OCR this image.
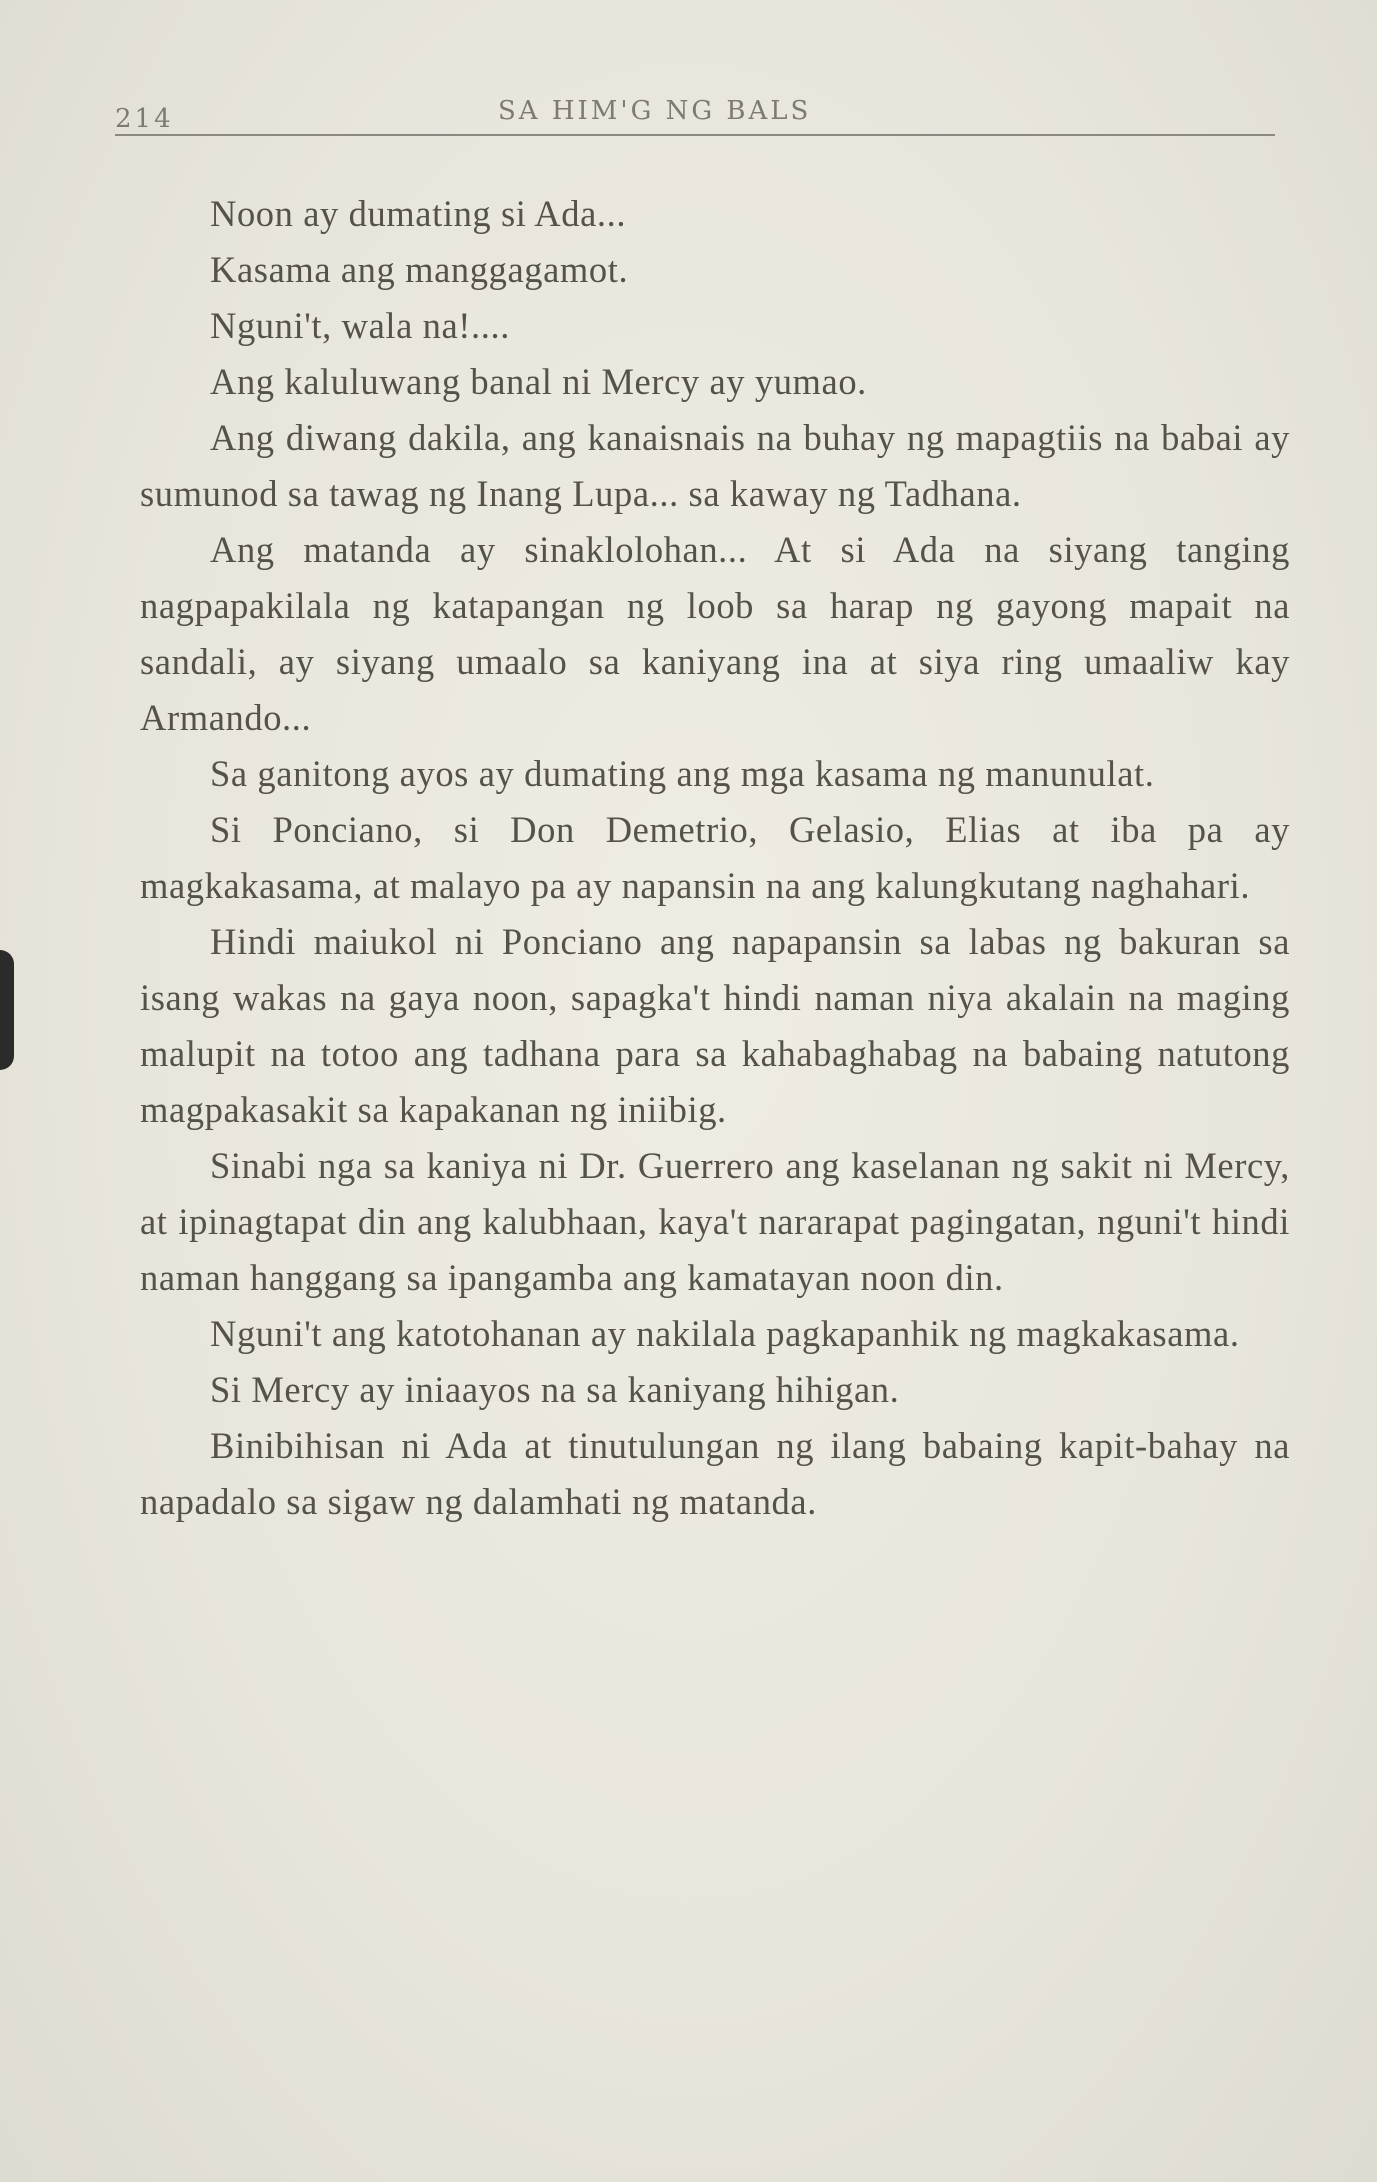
214	SA HIM'G NG BALS

Noon ay dumating si Ada...

Kasama ang manggagamot.

Nguni't, wala na!....

Ang kaluluwang banal ni Mercy ay yumao.

Ang diwang dakila, ang kanaisnais na buhay ng mapagtiis na babai ay sumunod sa tawag ng Inang Lupa... sa kaway ng Tadhana.

Ang matanda ay sinaklolohan... At si Ada na siyang tanging nagpapakilala ng katapangan ng loob sa harap ng gayong mapait na sandali, ay siyang umaalo sa kaniyang ina at siya ring umaaliw kay Armando...

Sa ganitong ayos ay dumating ang mga kasama ng manunulat.

Si Ponciano, si Don Demetrio, Gelasio, Elias at iba pa ay magkakasama, at malayo pa ay napansin na ang kalungkutang naghahari.

Hindi maiukol ni Ponciano ang napapansin sa labas ng bakuran sa isang wakas na gaya noon, sapagka't hindi naman niya akalain na maging malupit na totoo ang tadhana para sa kahabaghabag na babaing natutong magpakasakit sa kapakanan ng iniibig.

Sinabi nga sa kaniya ni Dr. Guerrero ang kaselanan ng sakit ni Mercy, at ipinagtapat din ang kalubhaan, kaya't nararapat pagingatan, nguni't hindi naman hanggang sa ipangamba ang kamatayan noon din.

Nguni't ang katotohanan ay nakilala pagkapanhik ng magkakasama.

Si Mercy ay iniaayos na sa kaniyang hihigan.

Binibihisan ni Ada at tinutulungan ng ilang babaing kapit-bahay na napadalo sa sigaw ng dalamhati ng matanda.
